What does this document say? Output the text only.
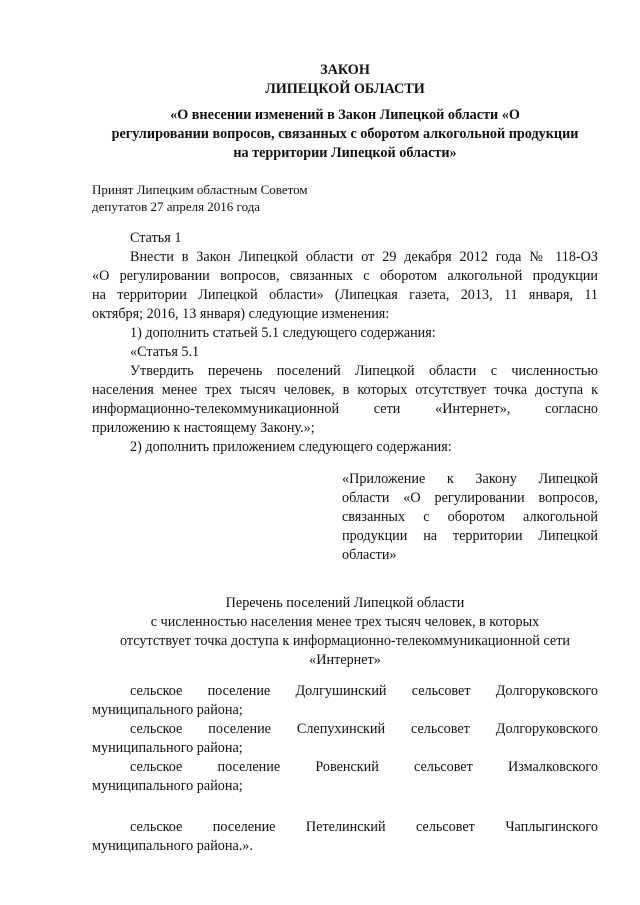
ЗАКОН

ЛИПЕЦКОЙ ОБЛАСТИ

«О внесении изменений в Закон Липецкой области «О

регулировании вопросов, связанных с оборотом алкогольной продукции

на территории Липецкой области»

Принят Липецким областным Советом

депутатов 27 апреля 2016 года

Статья 1

Внести в Закон Липецкой области от 29 декабря 2012 года № 118-ОЗ

«О регулировании вопросов, связанных с оборотом алкогольной продукции

на территории Липецкой области» (Липецкая газета, 2013, 11 января, 11

октября; 2016, 13 января) следующие изменения:

1) дополнить статьей 5.1 следующего содержания:

«Статья 5.1

Утвердить перечень поселений Липецкой области с численностью

населения менее трех тысяч человек, в которых отсутствует точка доступа к

информационно-телекоммуникационной сети «Интернет», согласно

приложению к настоящему Закону.»;

2) дополнить приложением следующего содержания:

«Приложение к Закону Липецкой

области «О регулировании вопросов,

связанных с оборотом алкогольной

продукции на территории Липецкой

области»

Перечень поселений Липецкой области

с численностью населения менее трех тысяч человек, в которых

отсутствует точка доступа к информационно-телекоммуникационной сети

«Интернет»

сельское поселение Долгушинский сельсовет Долгоруковского

муниципального района;

сельское поселение Слепухинский сельсовет Долгоруковского

муниципального района;

сельское поселение Ровенский сельсовет Измалковского

муниципального района;

сельское поселение Петелинский сельсовет Чаплыгинского

муниципального района.».
